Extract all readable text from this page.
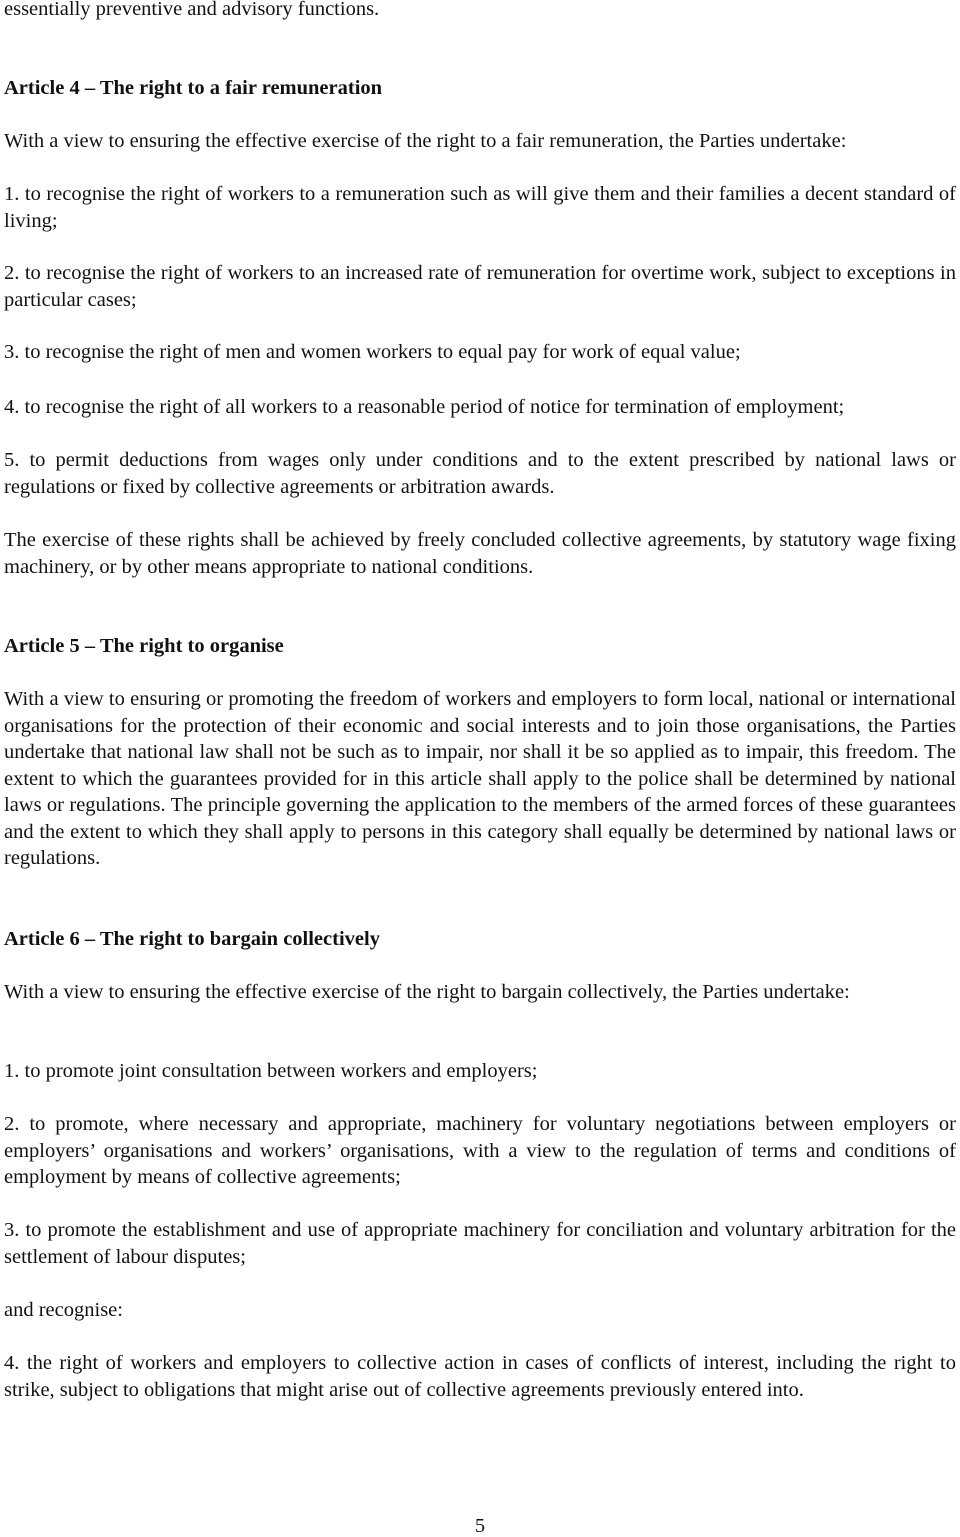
essentially preventive and advisory functions.

Article 4 – The right to a fair remuneration

With a view to ensuring the effective exercise of the right to a fair remuneration, the Parties undertake:

1. to recognise the right of workers to a remuneration such as will give them and their families a decent standard of living;

2. to recognise the right of workers to an increased rate of remuneration for overtime work, subject to exceptions in particular cases;

3. to recognise the right of men and women workers to equal pay for work of equal value;

4. to recognise the right of all workers to a reasonable period of notice for termination of employment;

5. to permit deductions from wages only under conditions and to the extent prescribed by national laws or regulations or fixed by collective agreements or arbitration awards.

The exercise of these rights shall be achieved by freely concluded collective agreements, by statutory wage fixing machinery, or by other means appropriate to national conditions.

Article 5 – The right to organise

With a view to ensuring or promoting the freedom of workers and employers to form local, national or international organisations for the protection of their economic and social interests and to join those organisations, the Parties undertake that national law shall not be such as to impair, nor shall it be so applied as to impair, this freedom. The extent to which the guarantees provided for in this article shall apply to the police shall be determined by national laws or regulations. The principle governing the application to the members of the armed forces of these guarantees and the extent to which they shall apply to persons in this category shall equally be determined by national laws or regulations.

Article 6 – The right to bargain collectively

With a view to ensuring the effective exercise of the right to bargain collectively, the Parties undertake:

1. to promote joint consultation between workers and employers;

2. to promote, where necessary and appropriate, machinery for voluntary negotiations between employers or employers’ organisations and workers’ organisations, with a view to the regulation of terms and conditions of employment by means of collective agreements;

3. to promote the establishment and use of appropriate machinery for conciliation and voluntary arbitration for the settlement of labour disputes;

and recognise:

4. the right of workers and employers to collective action in cases of conflicts of interest, including the right to strike, subject to obligations that might arise out of collective agreements previously entered into.

5
